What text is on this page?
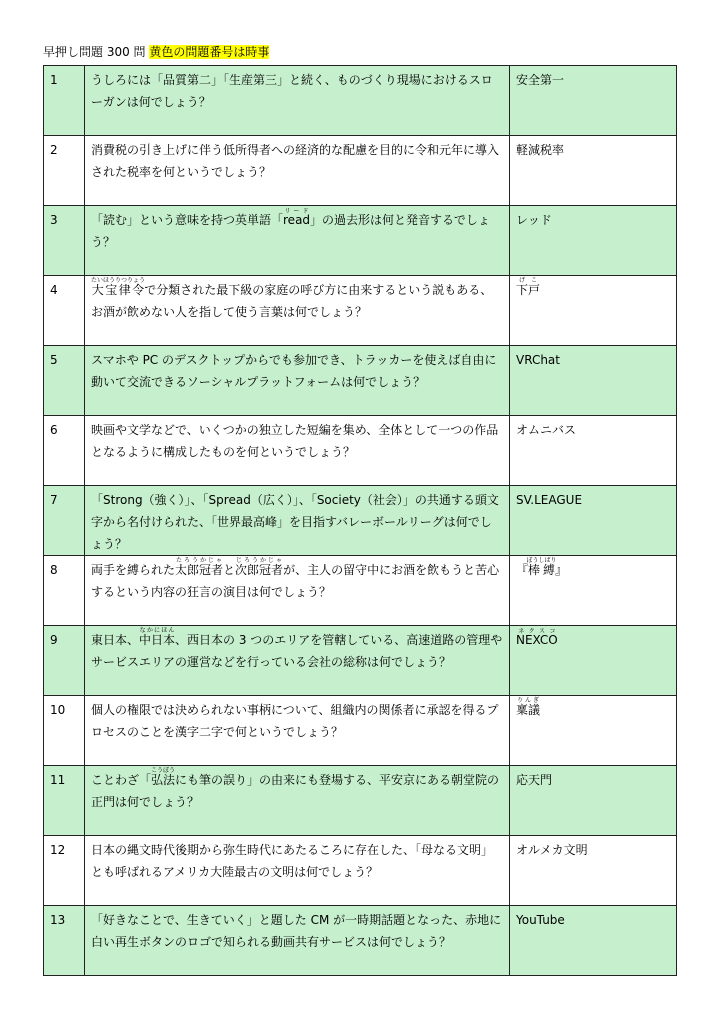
早押し問題 300 問 黄色の問題番号は時事
1	うしろには「品質第二」「生産第三」と続く、ものづくり現場におけるスローガンは何でしょう？	安全第一
2	消費税の引き上げに伴う低所得者への経済的な配慮を目的に令和元年に導入された税率を何というでしょう？	軽減税率
3	「読む」という意味を持つ英単語「readリード」の過去形は何と発音するでしょう？	レッド
4	大宝律令たいほうりつりょうで分類された最下級の家庭の呼び方に由来するという説もある、お酒が飲めない人を指して使う言葉は何でしょう？	下戸げこ
5	スマホや PC のデスクトップからでも参加でき、トラッカーを使えば自由に動いて交流できるソーシャルプラットフォームは何でしょう？	VRChat
6	映画や文学などで、いくつかの独立した短編を集め、全体として一つの作品となるように構成したものを何というでしょう？	オムニバス
7	「Strong（強く）」、「Spread（広く）」、「Society（社会）」の共通する頭文字から名付けられた、「世界最高峰」を目指すバレーボールリーグは何でしょう？	SV.LEAGUE
8	両手を縛られた太郎冠者たろうかじゃと次郎冠者じろうかじゃが、主人の留守中にお酒を飲もうと苦心するという内容の狂言の演目は何でしょう？	『棒縛ぼうしばり』
9	東日本、中日本なかにほん、西日本の 3 つのエリアを管轄している、高速道路の管理やサービスエリアの運営などを行っている会社の総称は何でしょう？	NEXCOネクスコ
10	個人の権限では決められない事柄について、組織内の関係者に承認を得るプロセスのことを漢字二字で何というでしょう？	稟議りんぎ
11	ことわざ「弘法こうぼうにも筆の誤り」の由来にも登場する、平安京にある朝堂院の正門は何でしょう？	応天門
12	日本の縄文時代後期から弥生時代にあたるころに存在した、「母なる文明」とも呼ばれるアメリカ大陸最古の文明は何でしょう？	オルメカ文明
13	「好きなことで、生きていく」と題した CM が一時期話題となった、赤地に白い再生ボタンのロゴで知られる動画共有サービスは何でしょう？	YouTube
